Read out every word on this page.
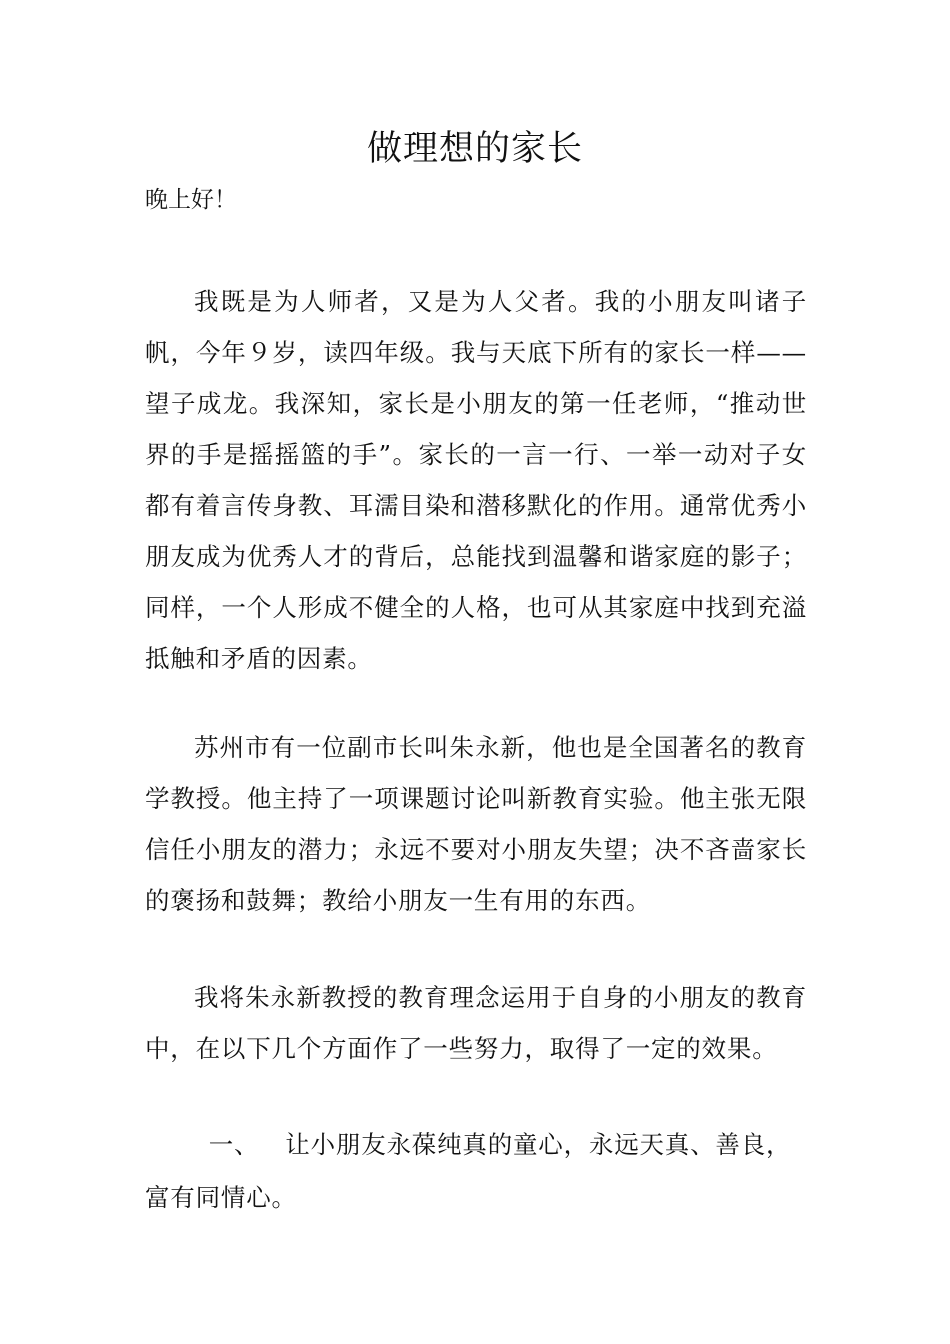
做理想的家长

晚上好！

我既是为人师者，又是为人父者。我的小朋友叫诸子帆，今年９岁，读四年级。我与天底下所有的家长一样——望子成龙。我深知，家长是小朋友的第一任老师，“推动世界的手是摇摇篮的手”。家长的一言一行、一举一动对子女都有着言传身教、耳濡目染和潜移默化的作用。通常优秀小朋友成为优秀人才的背后，总能找到温馨和谐家庭的影子；同样，一个人形成不健全的人格，也可从其家庭中找到充溢抵触和矛盾的因素。

苏州市有一位副市长叫朱永新，他也是全国著名的教育学教授。他主持了一项课题讨论叫新教育实验。他主张无限信任小朋友的潜力；永远不要对小朋友失望；决不吝啬家长的褒扬和鼓舞；教给小朋友一生有用的东西。

我将朱永新教授的教育理念运用于自身的小朋友的教育中，在以下几个方面作了一些努力，取得了一定的效果。

一、 让小朋友永葆纯真的童心，永远天真、善良，富有同情心。
